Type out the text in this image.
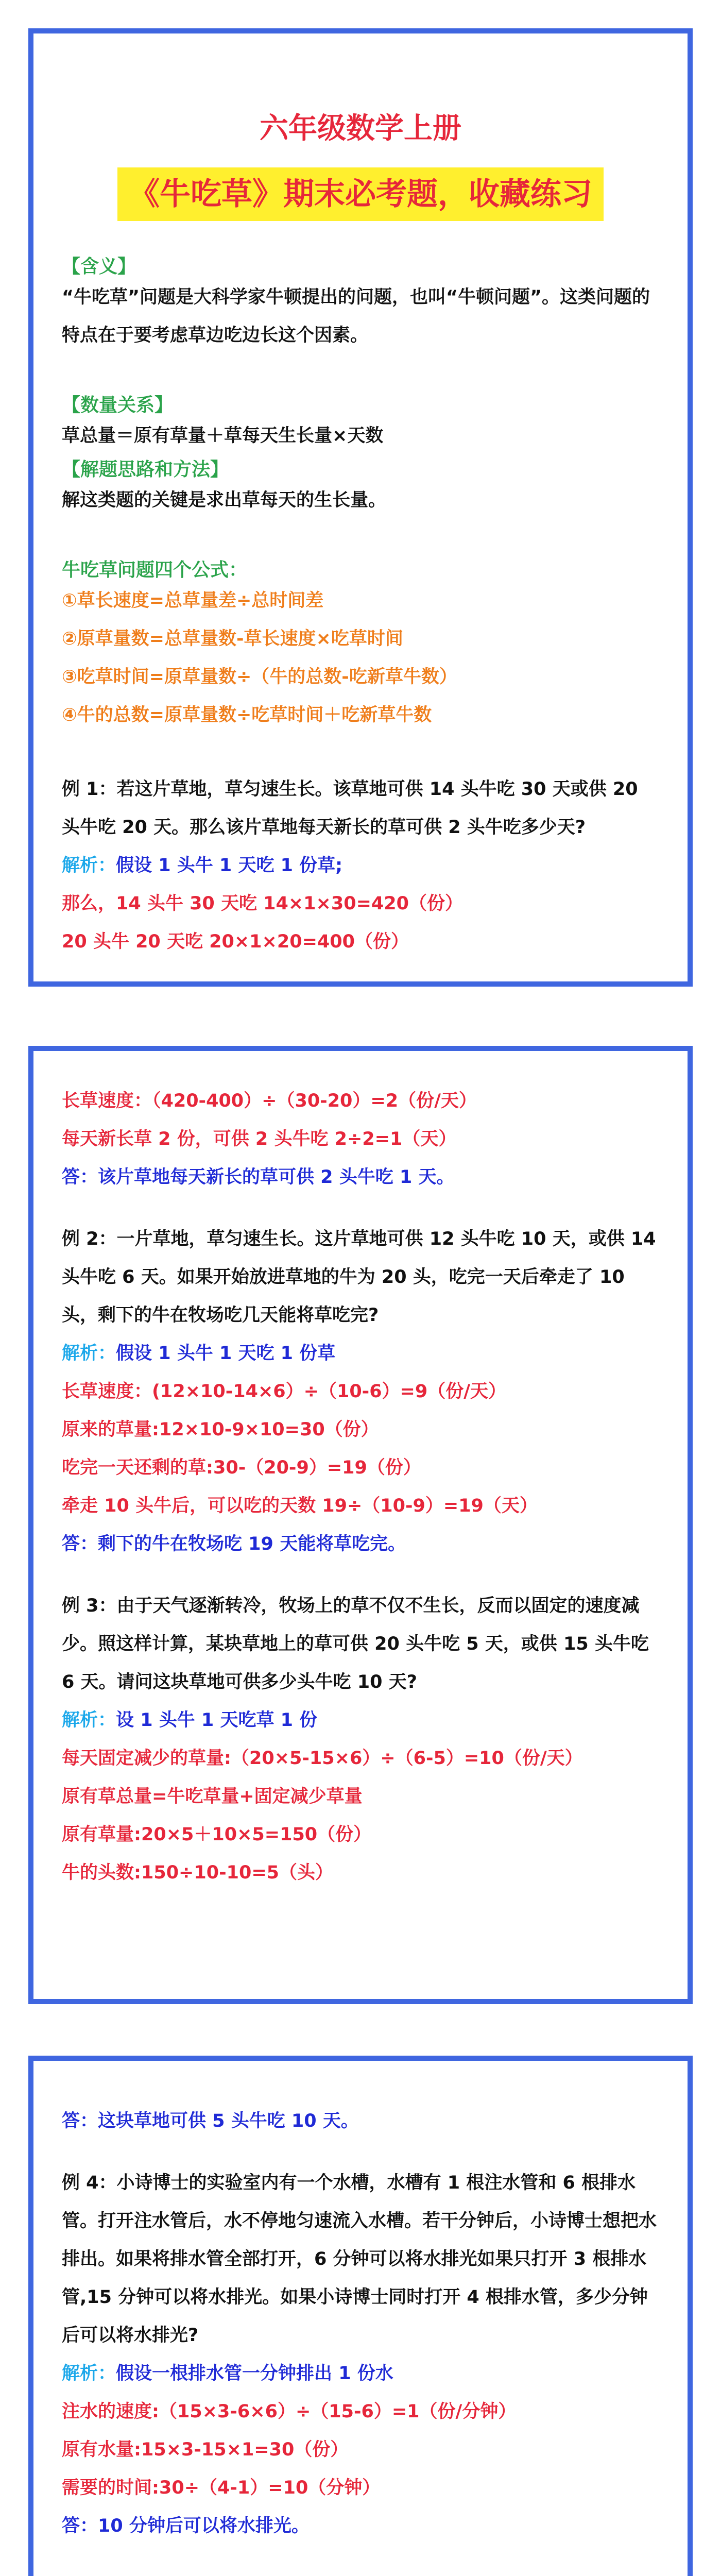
六年级数学上册
《牛吃草》期末必考题，收藏练习
【含义】
“牛吃草”问题是大科学家牛顿提出的问题，也叫“牛顿问题”。这类问题的特点在于要考虑草边吃边长这个因素。
【数量关系】
草总量＝原有草量＋草每天生长量×天数
【解题思路和方法】
解这类题的关键是求出草每天的生长量。
牛吃草问题四个公式：
①草长速度=总草量差÷总时间差
②原草量数=总草量数-草长速度×吃草时间
③吃草时间=原草量数÷（牛的总数-吃新草牛数）
④牛的总数=原草量数÷吃草时间＋吃新草牛数
例 1：若这片草地，草匀速生长。该草地可供 14 头牛吃 30 天或供 20 头牛吃 20 天。那么该片草地每天新长的草可供 2 头牛吃多少天?
解析：假设 1 头牛 1 天吃 1 份草;
那么，14 头牛 30 天吃 14×1×30=420（份）
20 头牛 20 天吃 20×1×20=400（份）
长草速度：（420-400）÷（30-20）=2（份/天）
每天新长草 2 份，可供 2 头牛吃 2÷2=1（天）
答：该片草地每天新长的草可供 2 头牛吃 1 天。
例 2：一片草地，草匀速生长。这片草地可供 12 头牛吃 10 天，或供 14 头牛吃 6 天。如果开始放进草地的牛为 20 头，吃完一天后牵走了 10 头，剩下的牛在牧场吃几天能将草吃完?
解析：假设 1 头牛 1 天吃 1 份草
长草速度：(12×10-14×6）÷（10-6）=9（份/天）
原来的草量:12×10-9×10=30（份）
吃完一天还剩的草:30-（20-9）=19（份）
牵走 10 头牛后，可以吃的天数 19÷（10-9）=19（天）
答：剩下的牛在牧场吃 19 天能将草吃完。
例 3：由于天气逐渐转冷，牧场上的草不仅不生长，反而以固定的速度减少。照这样计算，某块草地上的草可供 20 头牛吃 5 天，或供 15 头牛吃 6 天。请问这块草地可供多少头牛吃 10 天?
解析：设 1 头牛 1 天吃草 1 份
每天固定减少的草量:（20×5-15×6）÷（6-5）=10（份/天）
原有草总量=牛吃草量+固定减少草量
原有草量:20×5＋10×5=150（份）
牛的头数:150÷10-10=5（头）
答：这块草地可供 5 头牛吃 10 天。
例 4：小诗博士的实验室内有一个水槽，水槽有 1 根注水管和 6 根排水管。打开注水管后，水不停地匀速流入水槽。若干分钟后，小诗博士想把水排出。如果将排水管全部打开，6 分钟可以将水排光如果只打开 3 根排水管,15 分钟可以将水排光。如果小诗博士同时打开 4 根排水管，多少分钟后可以将水排光?
解析：假设一根排水管一分钟排出 1 份水
注水的速度:（15×3-6×6）÷（15-6）=1（份/分钟）
原有水量:15×3-15×1=30（份）
需要的时间:30÷（4-1）=10（分钟）
答：10 分钟后可以将水排光。
